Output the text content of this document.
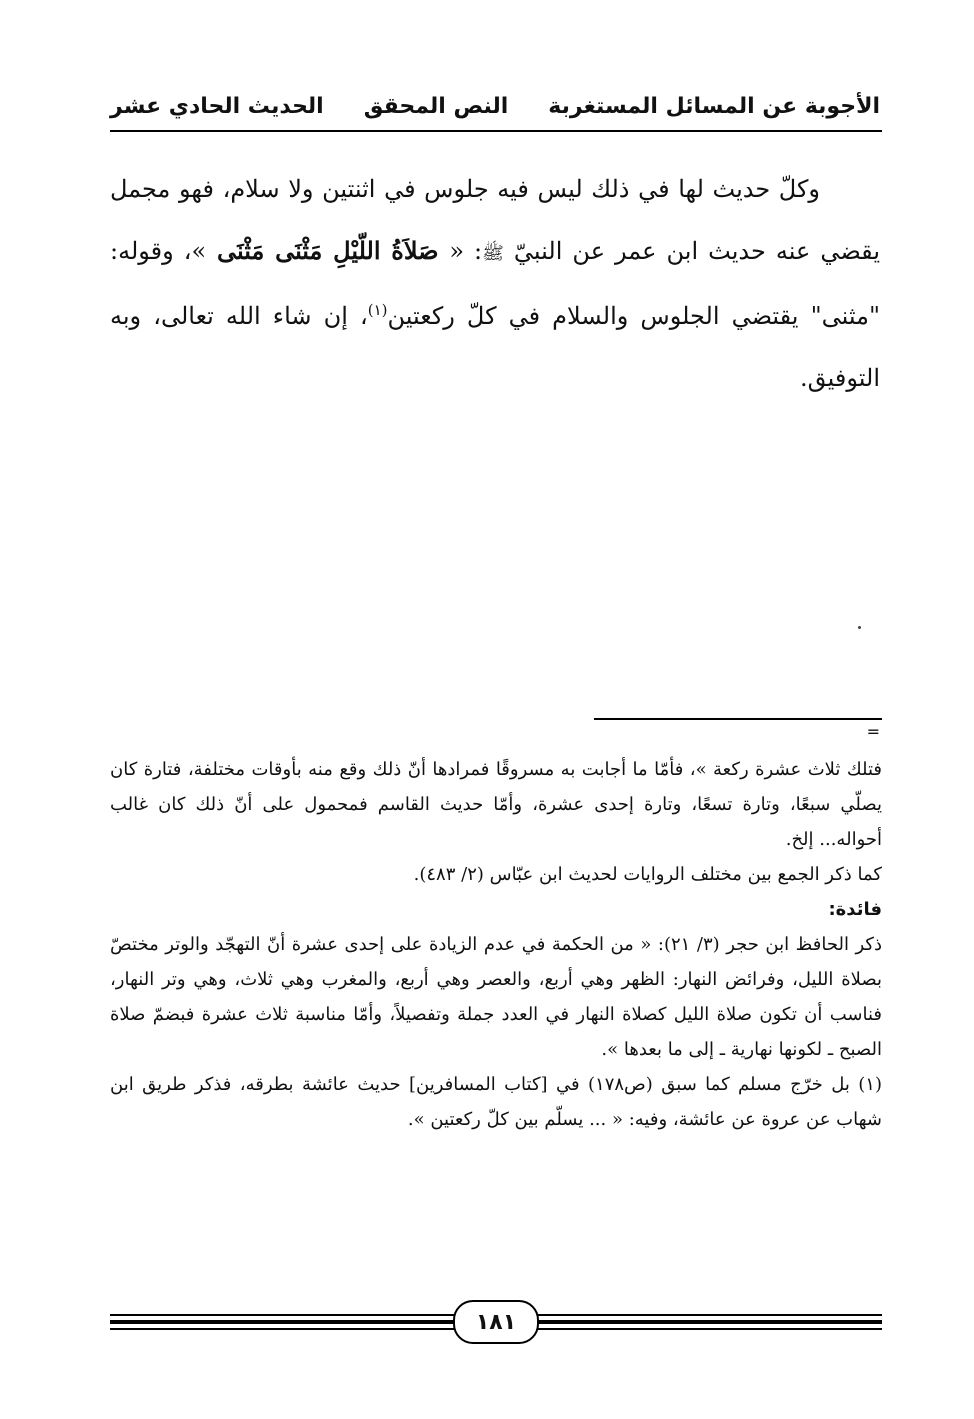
الأجوبة عن المسائل المستغربة
النص المحقق
الحديث الحادي عشر

وكلّ حديث لها في ذلك ليس فيه جلوس في اثنتين ولا سلام، فهو مجمل يقضي عنه حديث ابن عمر عن النبيّ ﷺ: « صَلاَةُ اللّيْلِ مَثْنَى مَثْنَى »، وقوله: "مثنى" يقتضي الجلوس والسلام في كلّ ركعتين$^{(١)}$، إن شاء الله تعالى، وبه التوفيق.

=

فتلك ثلاث عشرة ركعة »، فأمّا ما أجابت به مسروقًا فمرادها أنّ ذلك وقع منه بأوقات مختلفة، فتارة كان يصلّي سبعًا، وتارة تسعًا، وتارة إحدى عشرة، وأمّا حديث القاسم فمحمول على أنّ ذلك كان غالب أحواله... إلخ.

كما ذكر الجمع بين مختلف الروايات لحديث ابن عبّاس (٢/ ٤٨٣).

فائدة:

ذكر الحافظ ابن حجر (٣/ ٢١): « من الحكمة في عدم الزيادة على إحدى عشرة أنّ التهجّد والوتر مختصّ بصلاة الليل، وفرائض النهار: الظهر وهي أربع، والعصر وهي أربع، والمغرب وهي ثلاث، وهي وتر النهار، فناسب أن تكون صلاة الليل كصلاة النهار في العدد جملة وتفصيلاً، وأمّا مناسبة ثلاث عشرة فبضمّ صلاة الصبح ـ لكونها نهارية ـ إلى ما بعدها ».

(١) بل خرّج مسلم كما سبق (ص١٧٨) في [كتاب المسافرين] حديث عائشة بطرقه، فذكر طريق ابن شهاب عن عروة عن عائشة، وفيه: « ... يسلّم بين كلّ ركعتين ».

١٨١
